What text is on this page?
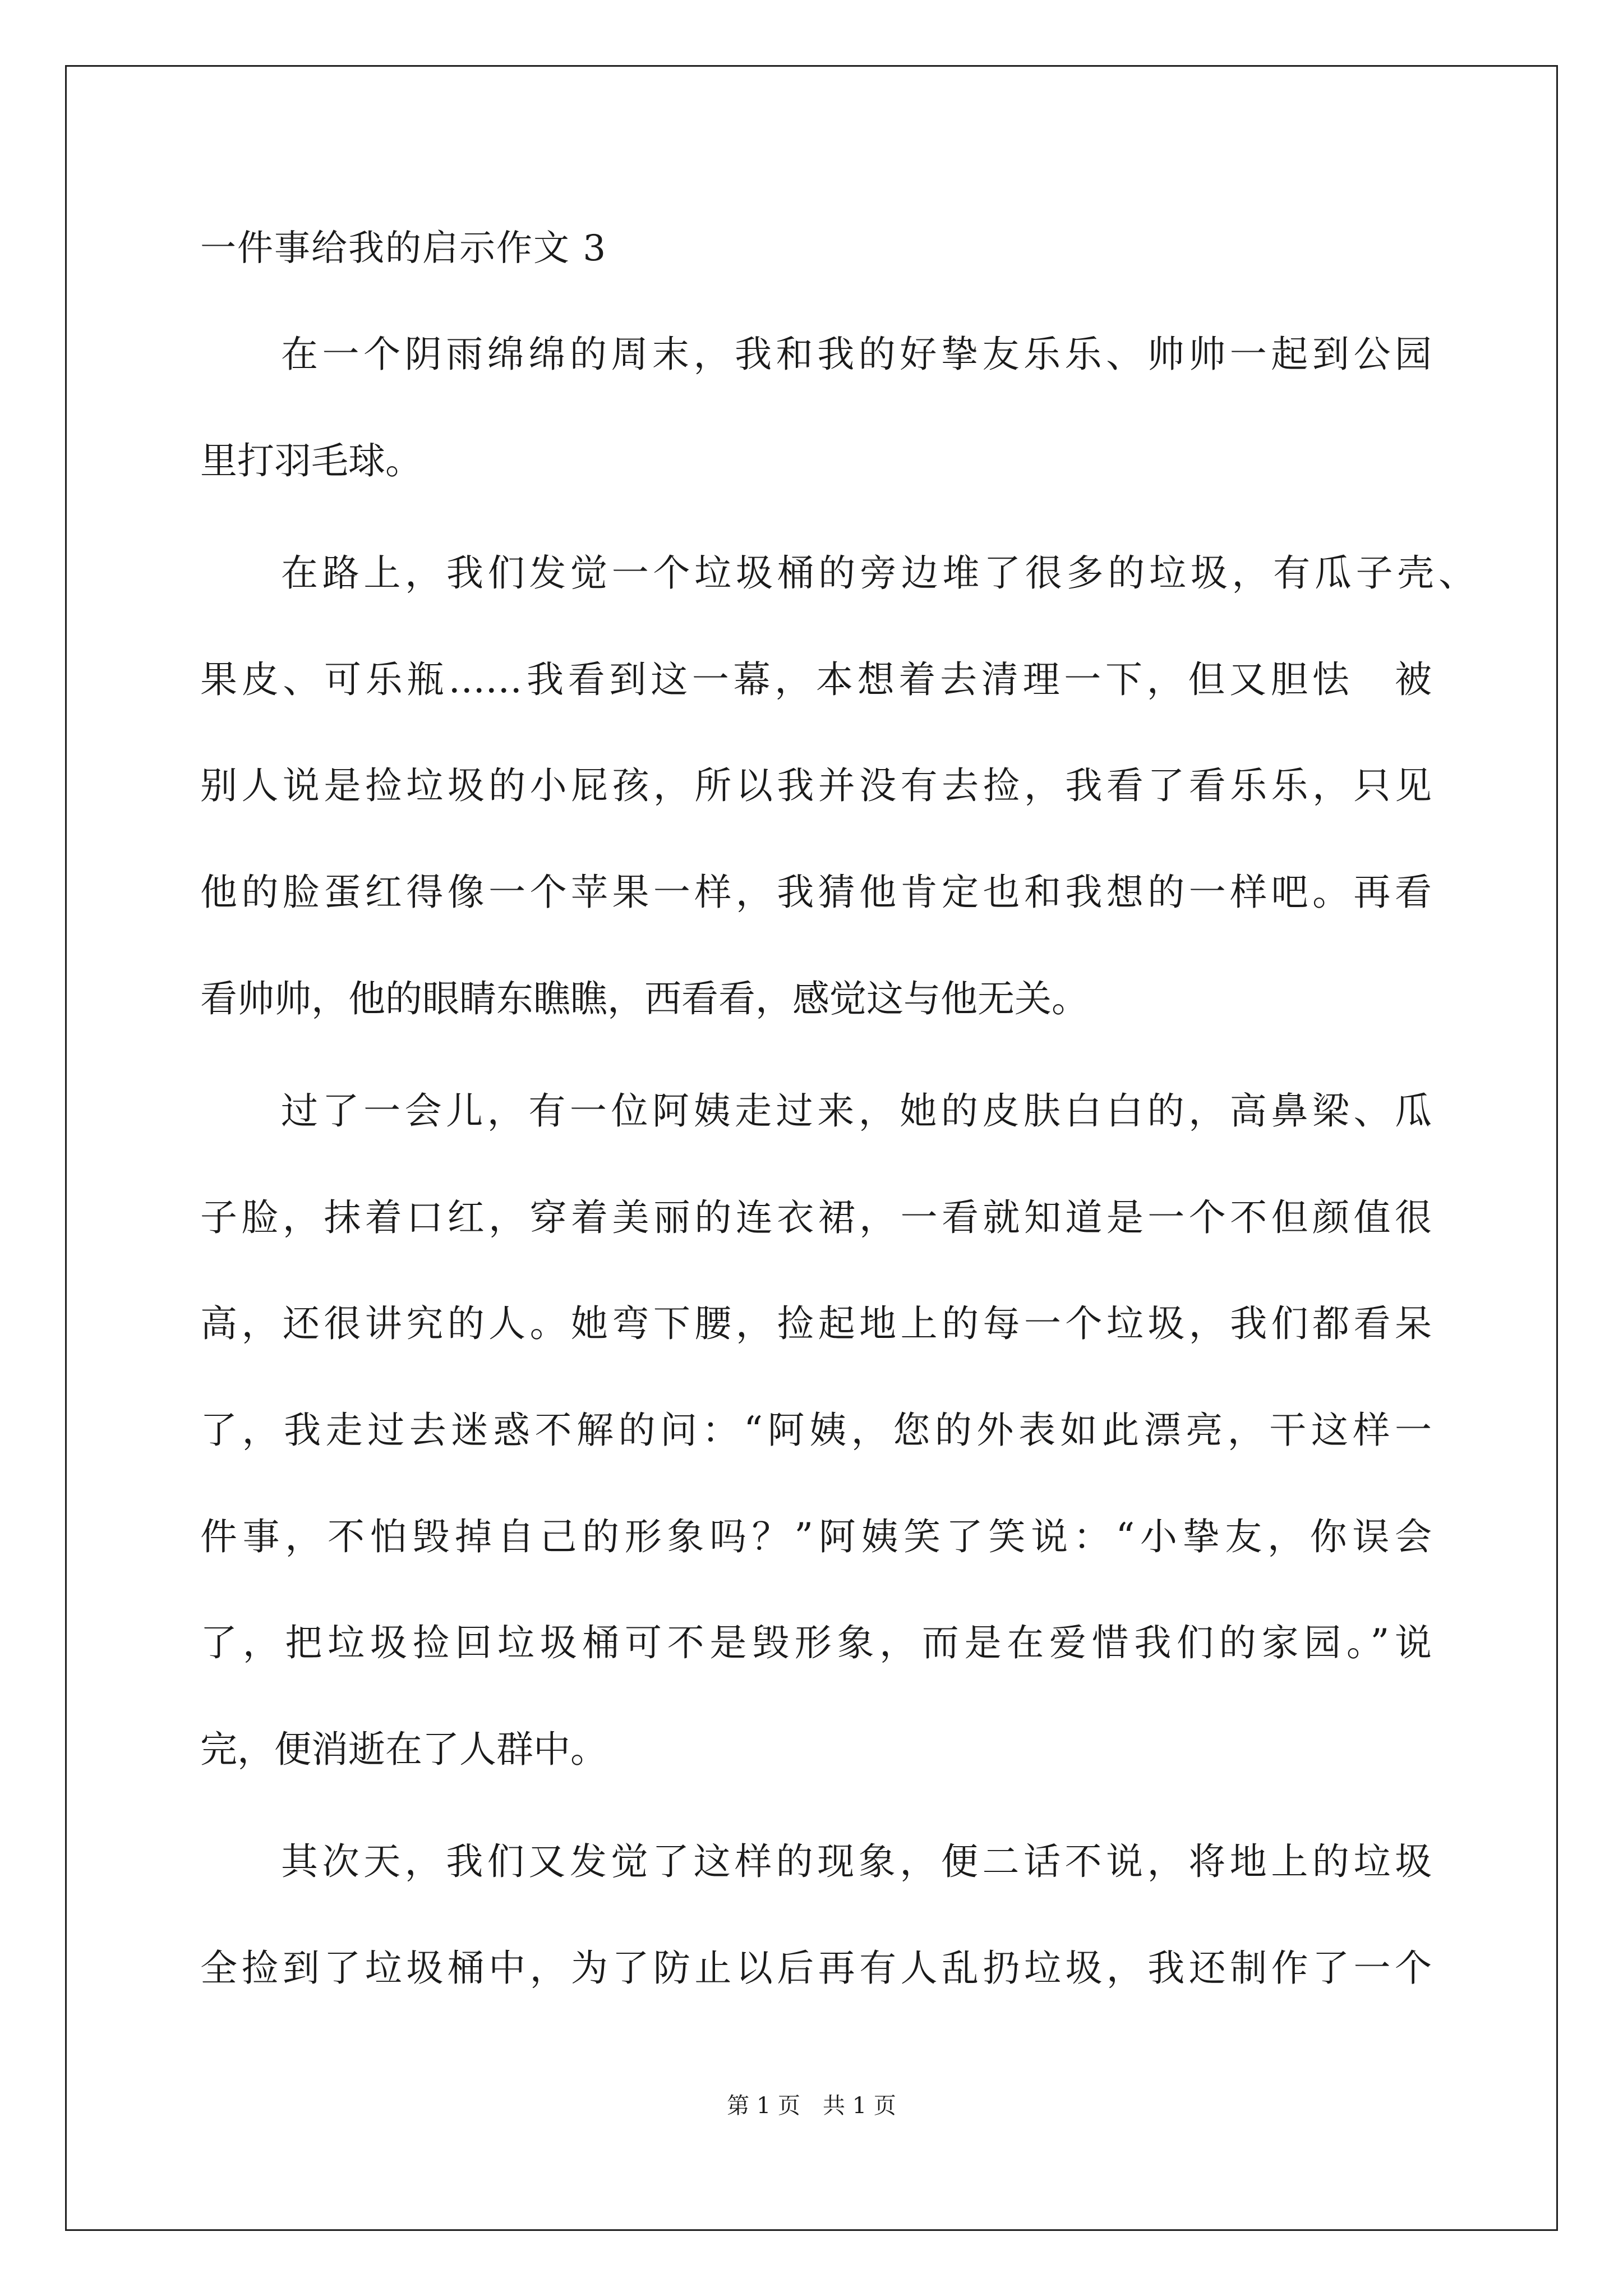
一件事给我的启示作文 3
在一个阴雨绵绵的周末，我和我的好挚友乐乐、帅帅一起到公园
里打羽毛球。
在路上，我们发觉一个垃圾桶的旁边堆了很多的垃圾，有瓜子壳、
果皮、可乐瓶……我看到这一幕，本想着去清理一下，但又胆怯　被
别人说是捡垃圾的小屁孩，所以我并没有去捡，我看了看乐乐，只见
他的脸蛋红得像一个苹果一样，我猜他肯定也和我想的一样吧。再看
看帅帅，他的眼睛东瞧瞧，西看看，感觉这与他无关。
过了一会儿，有一位阿姨走过来，她的皮肤白白的，高鼻梁、瓜
子脸，抹着口红，穿着美丽的连衣裙，一看就知道是一个不但颜值很
高，还很讲究的人。她弯下腰，捡起地上的每一个垃圾，我们都看呆
了，我走过去迷惑不解的问：“阿姨，您的外表如此漂亮，干这样一
件事，不怕毁掉自己的形象吗？”阿姨笑了笑说：“小挚友，你误会
了，把垃圾捡回垃圾桶可不是毁形象，而是在爱惜我们的家园。”说
完，便消逝在了人群中。
其次天，我们又发觉了这样的现象，便二话不说，将地上的垃圾
全捡到了垃圾桶中，为了防止以后再有人乱扔垃圾，我还制作了一个
第 1 页　共 1 页
